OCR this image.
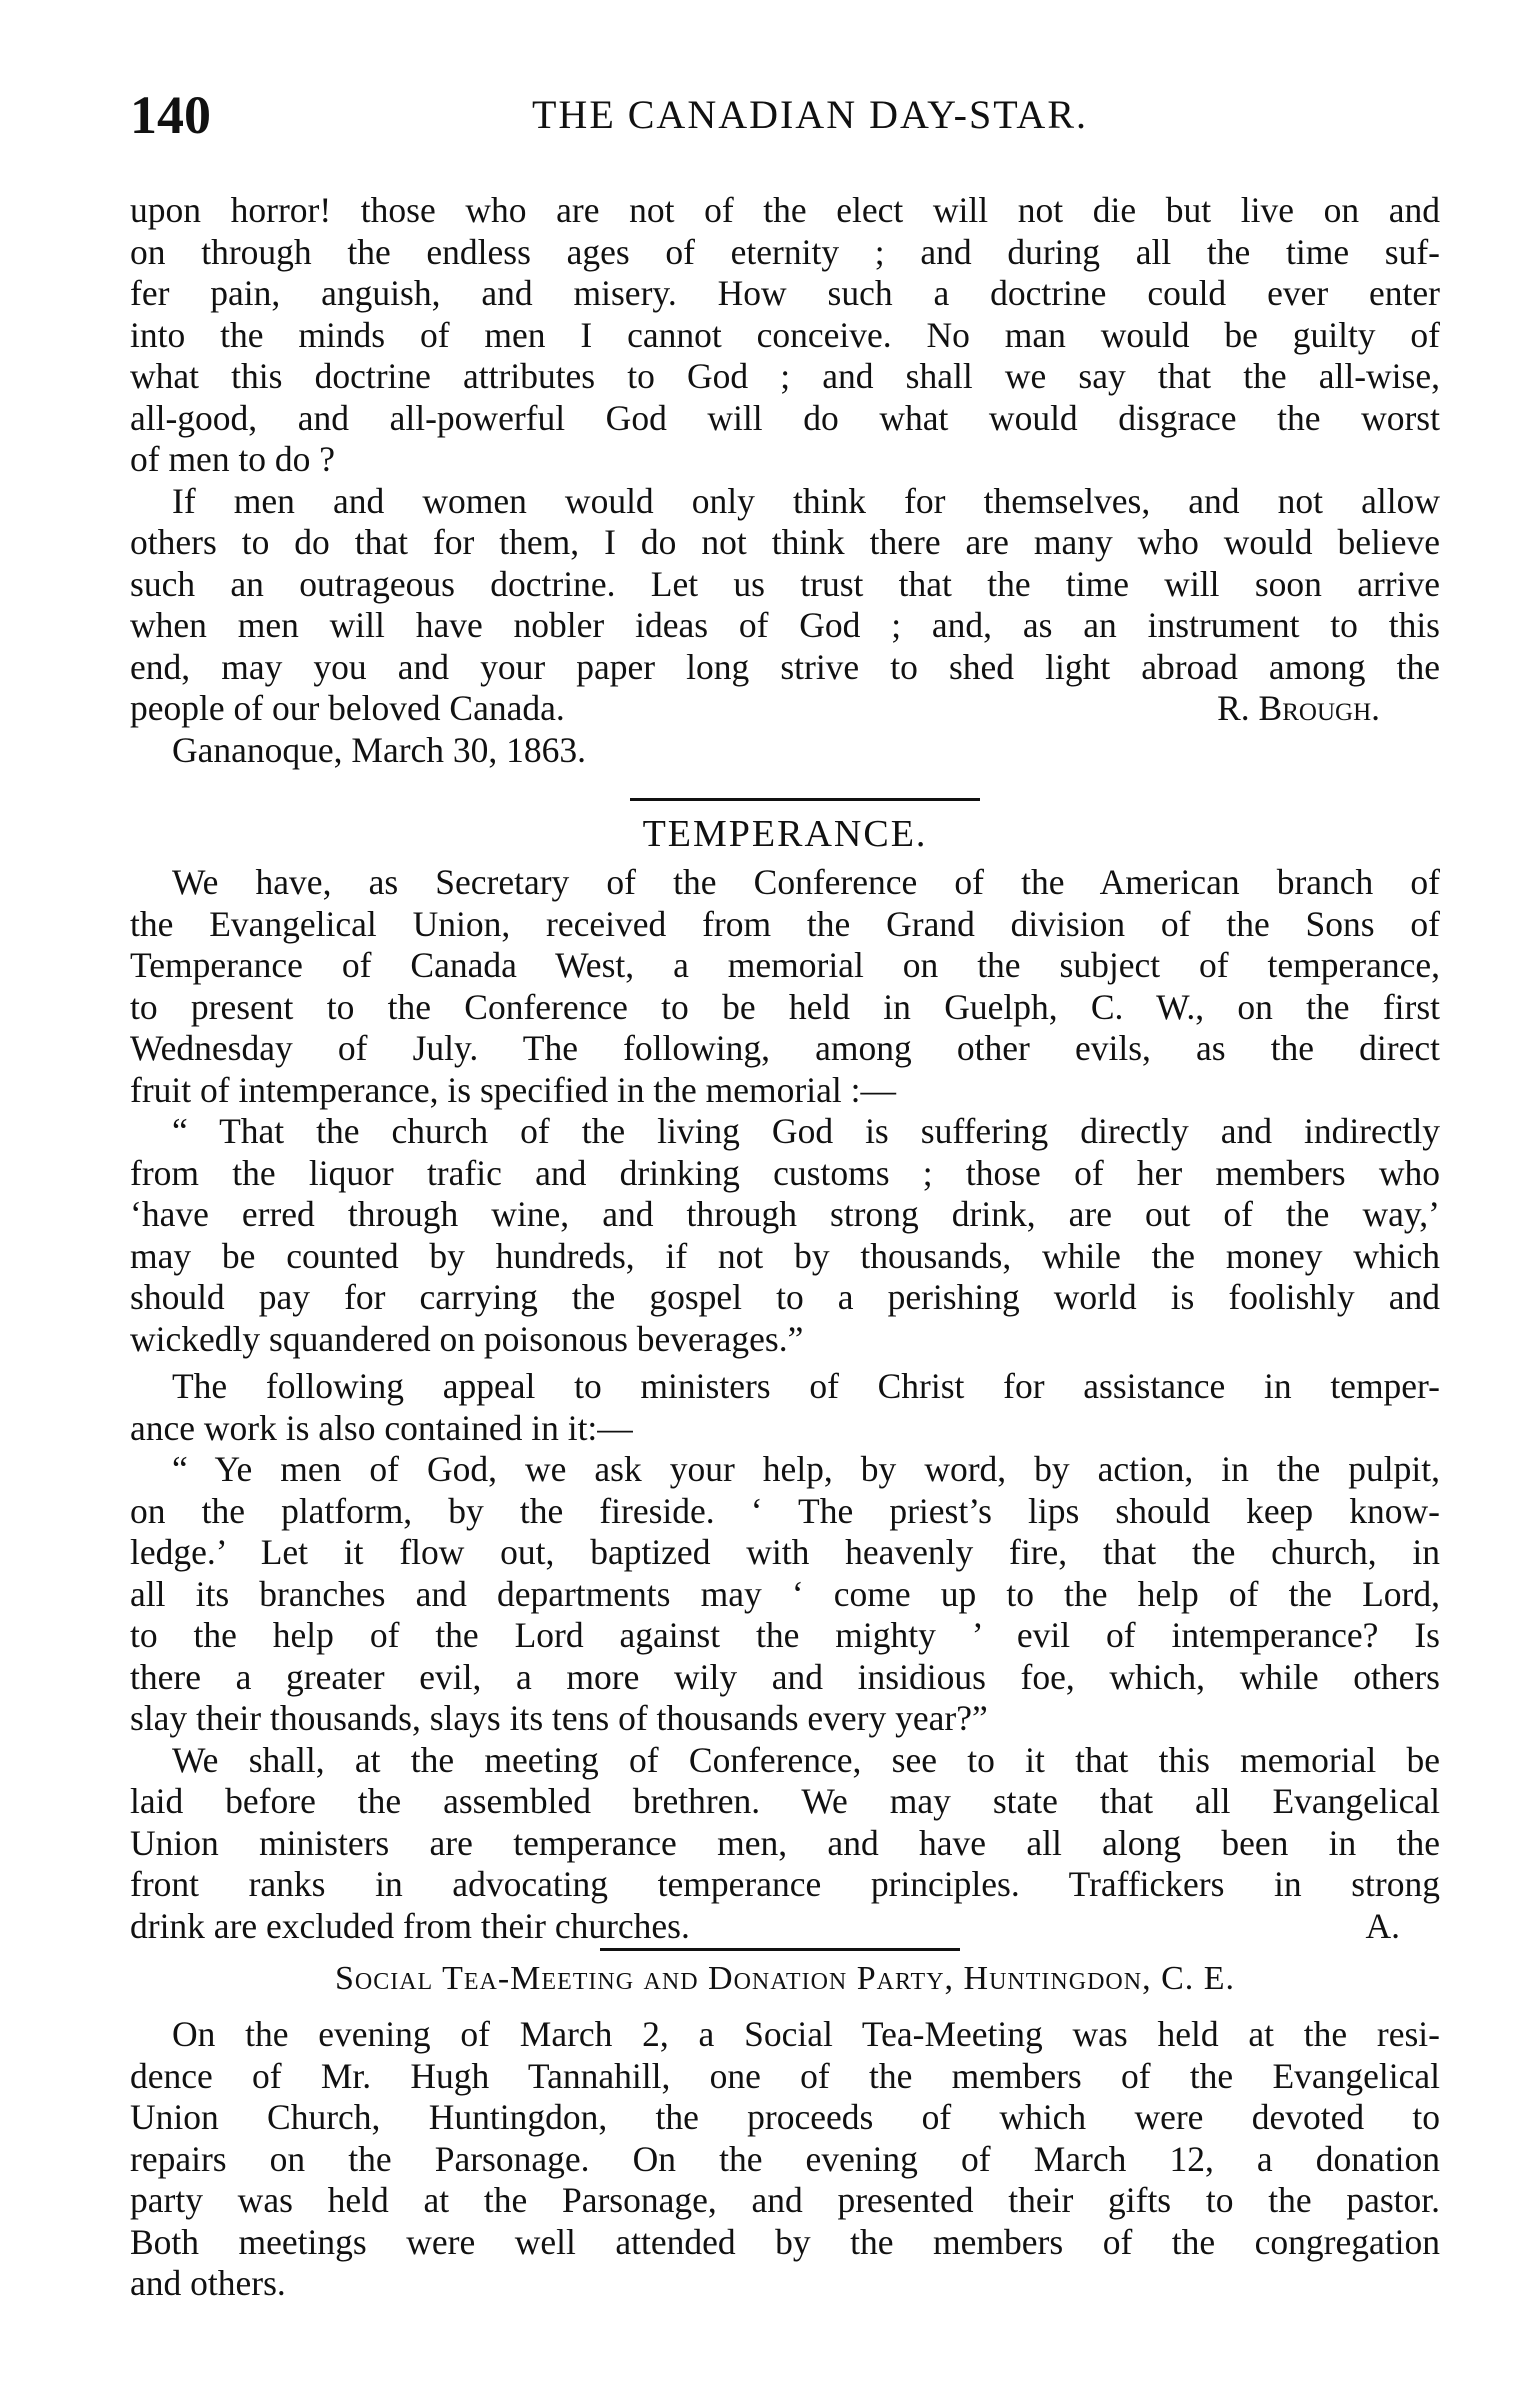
140	THE CANADIAN DAY-STAR.
upon horror! those who are not of the elect will not die but live on and
on through the endless ages of eternity ; and during all the time suf-
fer pain, anguish, and misery. How such a doctrine could ever enter
into the minds of men I cannot conceive. No man would be guilty of
what this doctrine attributes to God ; and shall we say that the all-wise,
all-good, and all-powerful God will do what would disgrace the worst
of men to do ?
If men and women would only think for themselves, and not allow
others to do that for them, I do not think there are many who would believe
such an outrageous doctrine. Let us trust that the time will soon arrive
when men will have nobler ideas of God ; and, as an instrument to this
end, may you and your paper long strive to shed light abroad among the
people of our beloved Canada.	R. Brough.
Gananoque, March 30, 1863.
TEMPERANCE.
We have, as Secretary of the Conference of the American branch of
the Evangelical Union, received from the Grand division of the Sons of
Temperance of Canada West, a memorial on the subject of temperance,
to present to the Conference to be held in Guelph, C. W., on the first
Wednesday of July. The following, among other evils, as the direct
fruit of intemperance, is specified in the memorial :—
“ That the church of the living God is suffering directly and indirectly
from the liquor trafic and drinking customs ; those of her members who
‘have erred through wine, and through strong drink, are out of the way,’
may be counted by hundreds, if not by thousands, while the money which
should pay for carrying the gospel to a perishing world is foolishly and
wickedly squandered on poisonous beverages.”
The following appeal to ministers of Christ for assistance in temper-
ance work is also contained in it:—
“ Ye men of God, we ask your help, by word, by action, in the pulpit,
on the platform, by the fireside. ‘ The priest’s lips should keep know-
ledge.’ Let it flow out, baptized with heavenly fire, that the church, in
all its branches and departments may ‘ come up to the help of the Lord,
to the help of the Lord against the mighty ’ evil of intemperance? Is
there a greater evil, a more wily and insidious foe, which, while others
slay their thousands, slays its tens of thousands every year?”
We shall, at the meeting of Conference, see to it that this memorial be
laid before the assembled brethren. We may state that all Evangelical
Union ministers are temperance men, and have all along been in the
front ranks in advocating temperance principles. Traffickers in strong
drink are excluded from their churches.	A.
Social Tea-Meeting and Donation Party, Huntingdon, C. E.
On the evening of March 2, a Social Tea-Meeting was held at the resi-
dence of Mr. Hugh Tannahill, one of the members of the Evangelical
Union Church, Huntingdon, the proceeds of which were devoted to
repairs on the Parsonage. On the evening of March 12, a donation
party was held at the Parsonage, and presented their gifts to the pastor.
Both meetings were well attended by the members of the congregation
and others.
